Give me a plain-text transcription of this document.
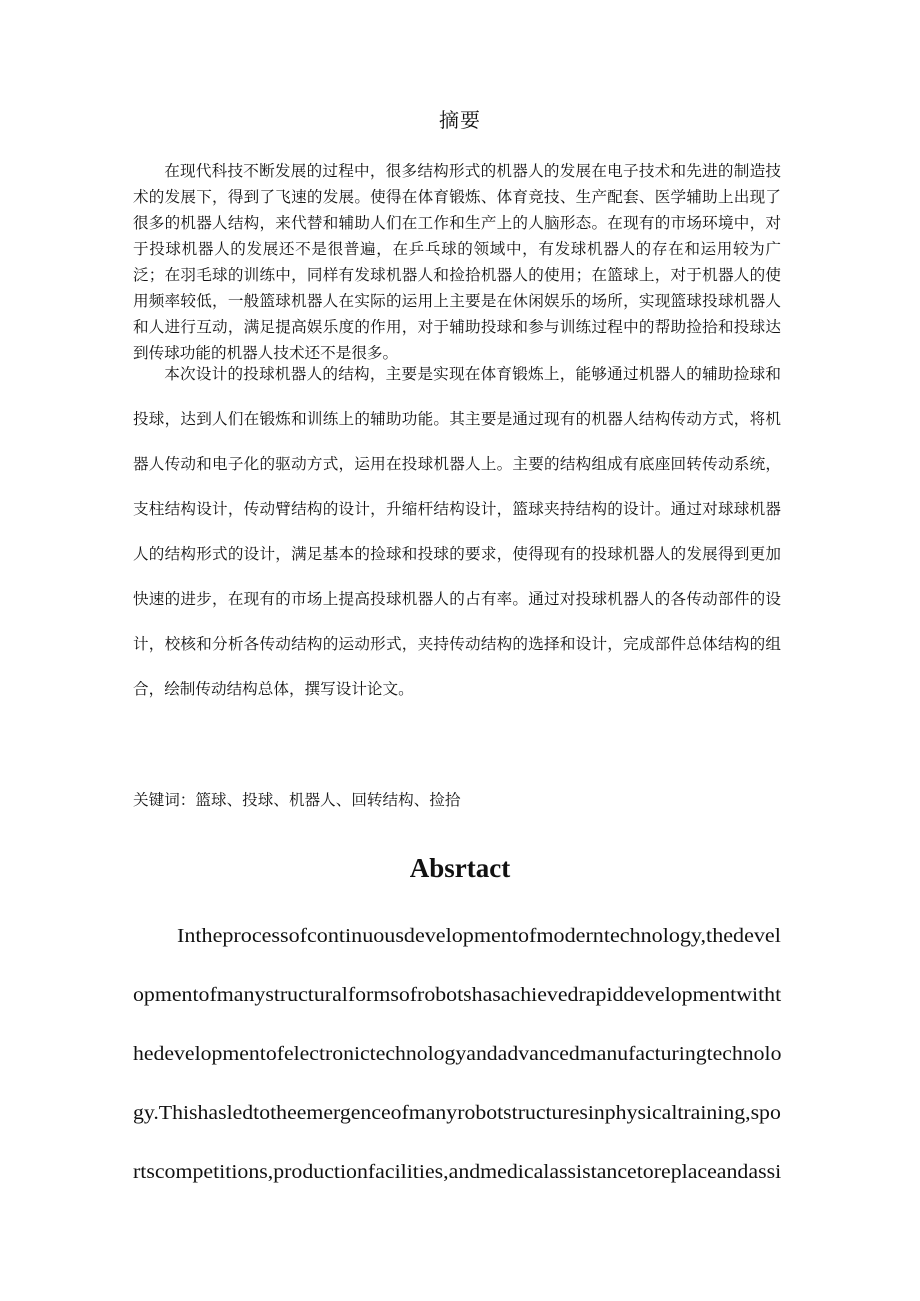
摘要

在现代科技不断发展的过程中，很多结构形式的机器人的发展在电子技术和先进的制造技术的发展下，得到了飞速的发展。使得在体育锻炼、体育竞技、生产配套、医学辅助上出现了很多的机器人结构，来代替和辅助人们在工作和生产上的人脑形态。在现有的市场环境中，对于投球机器人的发展还不是很普遍，在乒乓球的领域中，有发球机器人的存在和运用较为广泛；在羽毛球的训练中，同样有发球机器人和捡拾机器人的使用；在篮球上，对于机器人的使用频率较低，一般篮球机器人在实际的运用上主要是在休闲娱乐的场所，实现篮球投球机器人和人进行互动，满足提高娱乐度的作用，对于辅助投球和参与训练过程中的帮助捡拾和投球达到传球功能的机器人技术还不是很多。

本次设计的投球机器人的结构，主要是实现在体育锻炼上，能够通过机器人的辅助捡球和投球，达到人们在锻炼和训练上的辅助功能。其主要是通过现有的机器人结构传动方式，将机器人传动和电子化的驱动方式，运用在投球机器人上。主要的结构组成有底座回转传动系统，支柱结构设计，传动臂结构的设计，升缩杆结构设计，篮球夹持结构的设计。通过对球球机器人的结构形式的设计，满足基本的捡球和投球的要求，使得现有的投球机器人的发展得到更加快速的进步，在现有的市场上提高投球机器人的占有率。通过对投球机器人的各传动部件的设计，校核和分析各传动结构的运动形式，夹持传动结构的选择和设计，完成部件总体结构的组合，绘制传动结构总体，撰写设计论文。

关键词：篮球、投球、机器人、回转结构、捡拾
Absrtact
Intheprocessofcontinuousdevelopmentofmoderntechnology,thedevel
opmentofmanystructuralformsofrobotshasachievedrapiddevelopmentwitht
hedevelopmentofelectronictechnologyandadvancedmanufacturingtechnolo
gy.Thishasledtotheemergenceofmanyrobotstructuresinphysicaltraining,spo
rtscompetitions,productionfacilities,andmedicalassistancetoreplaceandassi
